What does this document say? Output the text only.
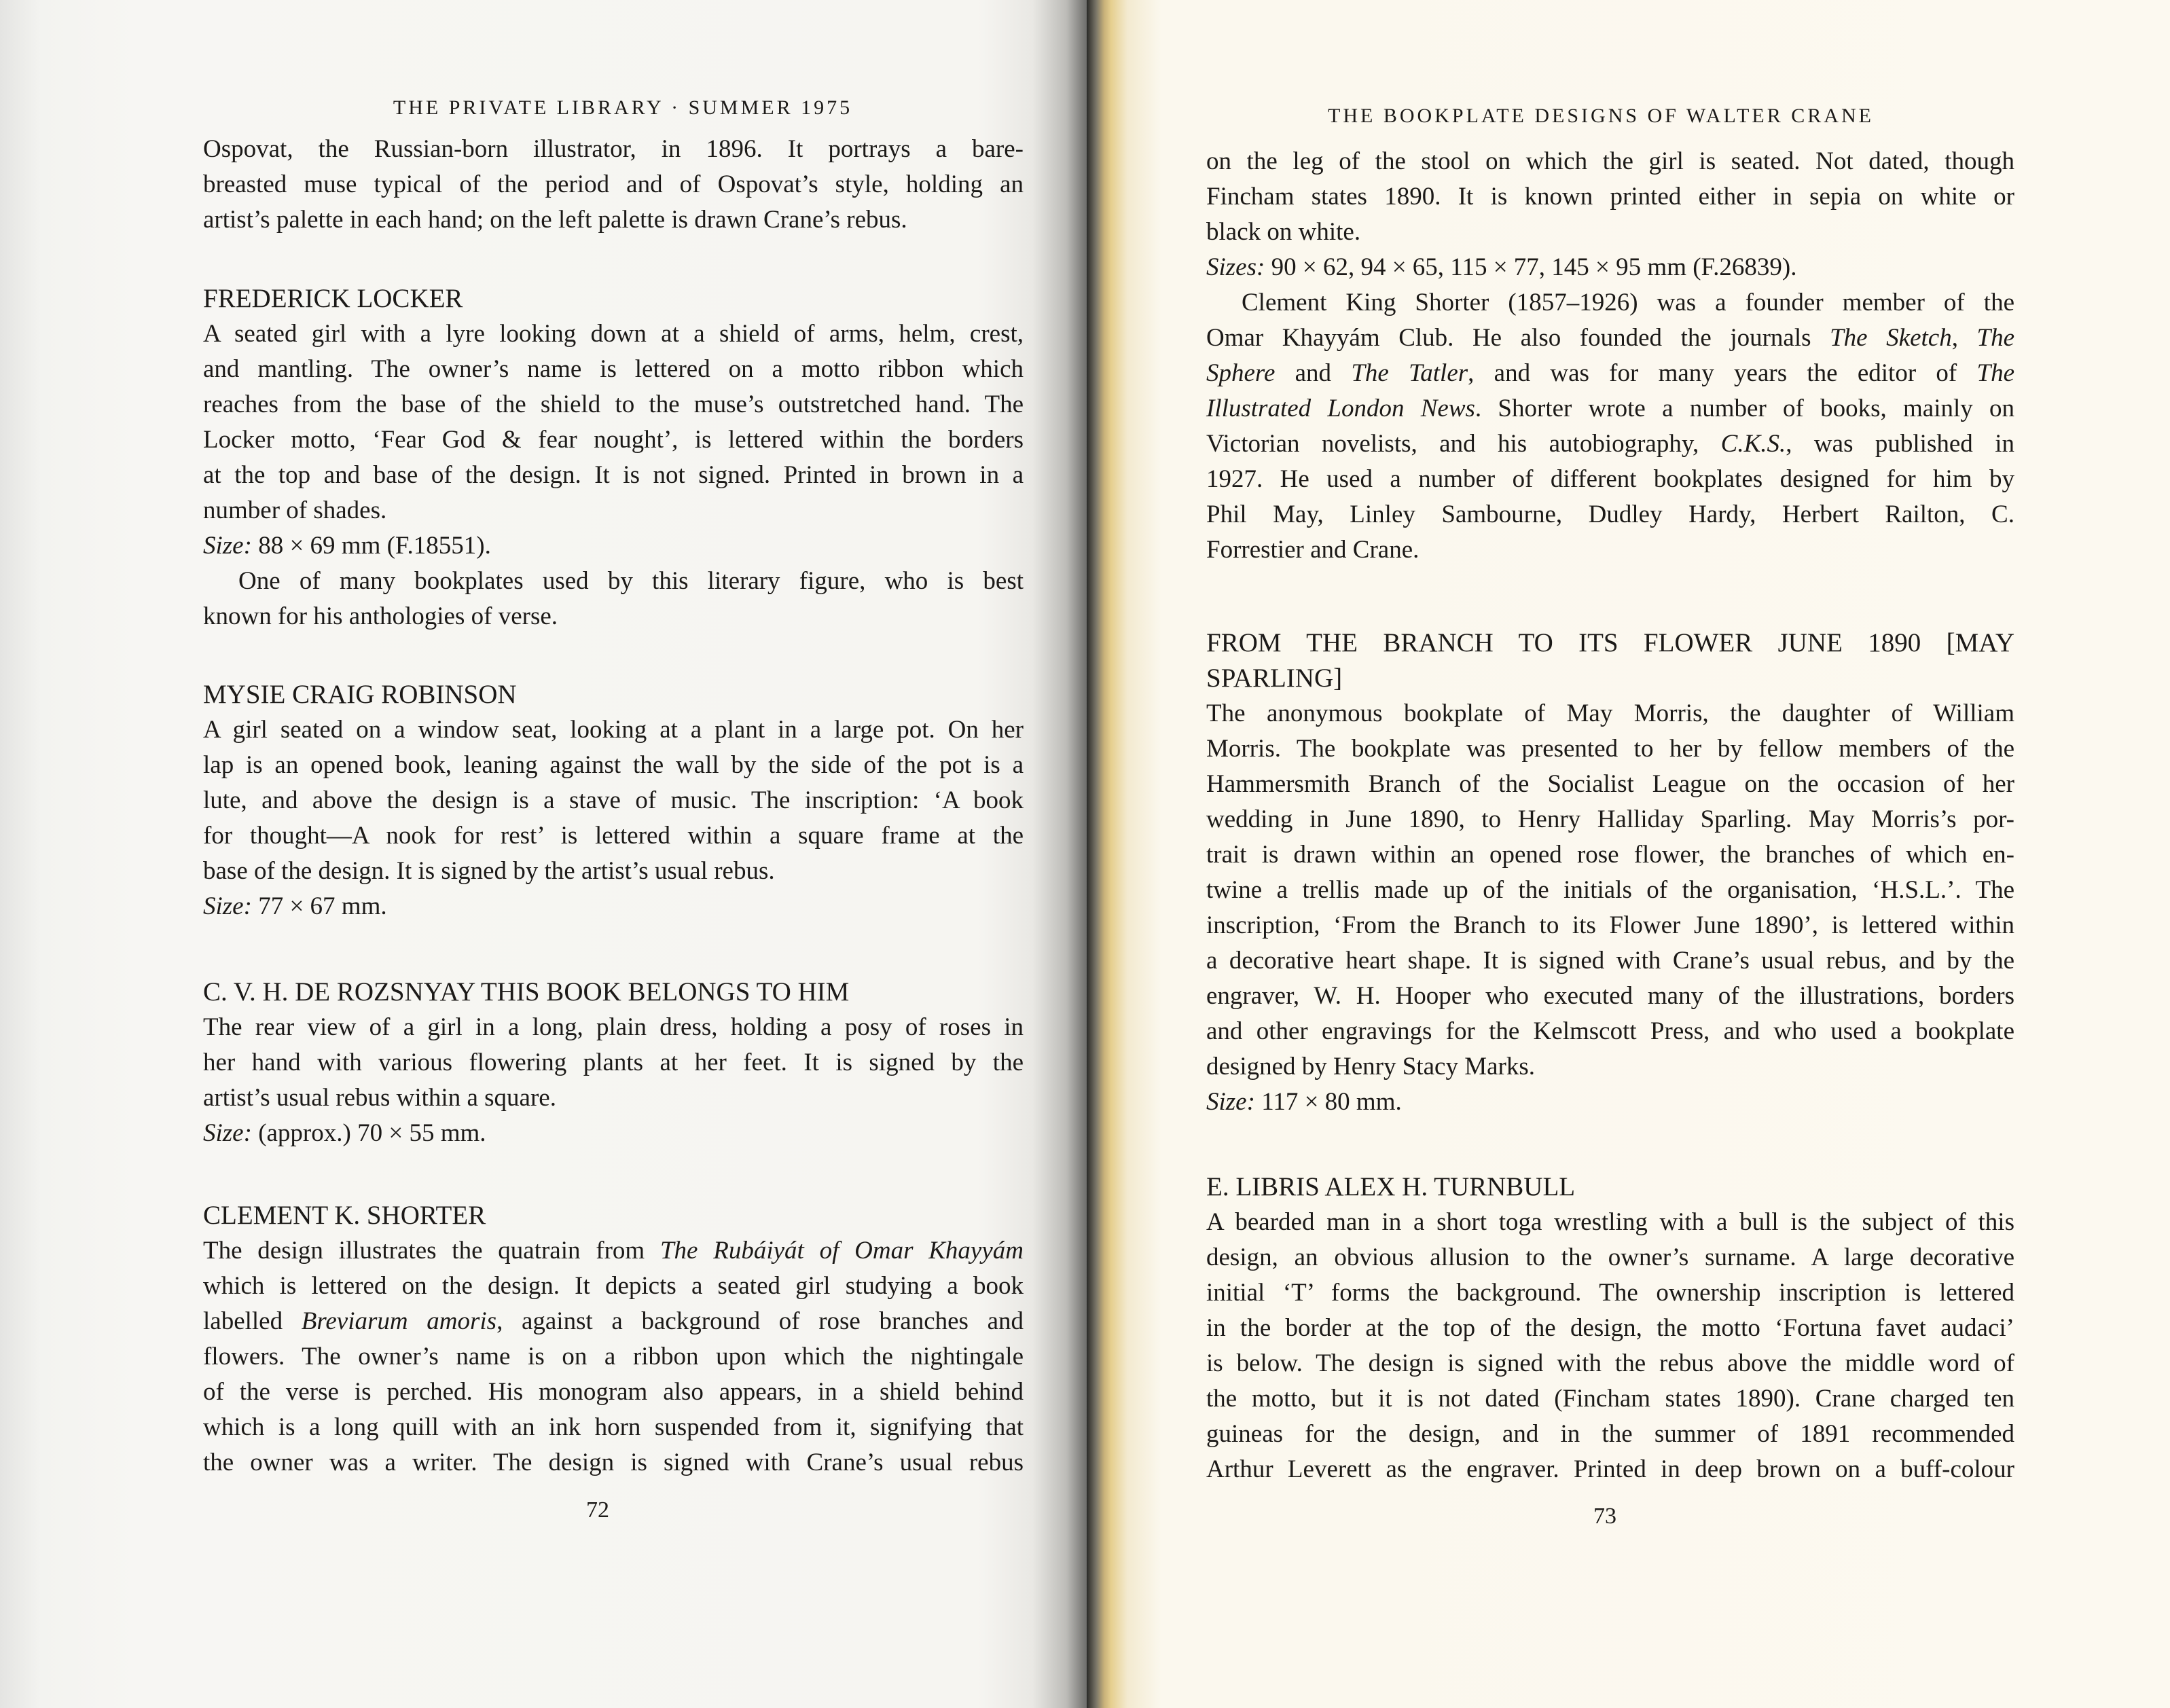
THE PRIVATE LIBRARY · SUMMER 1975
72
THE BOOKPLATE DESIGNS OF WALTER CRANE
73
Ospovat, the Russian-born illustrator, in 1896. It portrays a bare-
breasted muse typical of the period and of Ospovat’s style, holding an
artist’s palette in each hand; on the left palette is drawn Crane’s rebus.
FREDERICK LOCKER
A seated girl with a lyre looking down at a shield of arms, helm, crest,
and mantling. The owner’s name is lettered on a motto ribbon which
reaches from the base of the shield to the muse’s outstretched hand. The
Locker motto, ‘Fear God & fear nought’, is lettered within the borders
at the top and base of the design. It is not signed. Printed in brown in a
number of shades.
Size: 88 × 69 mm (F.18551).
One of many bookplates used by this literary figure, who is best
known for his anthologies of verse.
MYSIE CRAIG ROBINSON
A girl seated on a window seat, looking at a plant in a large pot. On her
lap is an opened book, leaning against the wall by the side of the pot is a
lute, and above the design is a stave of music. The inscription: ‘A book
for thought—A nook for rest’ is lettered within a square frame at the
base of the design. It is signed by the artist’s usual rebus.
Size: 77 × 67 mm.
C. V. H. DE ROZSNYAY THIS BOOK BELONGS TO HIM
The rear view of a girl in a long, plain dress, holding a posy of roses in
her hand with various flowering plants at her feet. It is signed by the
artist’s usual rebus within a square.
Size: (approx.) 70 × 55 mm.
CLEMENT K. SHORTER
The design illustrates the quatrain from The Rubáiyát of Omar Khayyám
which is lettered on the design. It depicts a seated girl studying a book
labelled Breviarum amoris, against a background of rose branches and
flowers. The owner’s name is on a ribbon upon which the nightingale
of the verse is perched. His monogram also appears, in a shield behind
which is a long quill with an ink horn suspended from it, signifying that
the owner was a writer. The design is signed with Crane’s usual rebus
on the leg of the stool on which the girl is seated. Not dated, though
Fincham states 1890. It is known printed either in sepia on white or
black on white.
Sizes: 90 × 62, 94 × 65, 115 × 77, 145 × 95 mm (F.26839).
Clement King Shorter (1857–1926) was a founder member of the
Omar Khayyám Club. He also founded the journals The Sketch, The
Sphere and The Tatler, and was for many years the editor of The
Illustrated London News. Shorter wrote a number of books, mainly on
Victorian novelists, and his autobiography, C.K.S., was published in
1927. He used a number of different bookplates designed for him by
Phil May, Linley Sambourne, Dudley Hardy, Herbert Railton, C.
Forrestier and Crane.
FROM THE BRANCH TO ITS FLOWER JUNE 1890 [MAY
SPARLING]
The anonymous bookplate of May Morris, the daughter of William
Morris. The bookplate was presented to her by fellow members of the
Hammersmith Branch of the Socialist League on the occasion of her
wedding in June 1890, to Henry Halliday Sparling. May Morris’s por-
trait is drawn within an opened rose flower, the branches of which en-
twine a trellis made up of the initials of the organisation, ‘H.S.L.’. The
inscription, ‘From the Branch to its Flower June 1890’, is lettered within
a decorative heart shape. It is signed with Crane’s usual rebus, and by the
engraver, W. H. Hooper who executed many of the illustrations, borders
and other engravings for the Kelmscott Press, and who used a bookplate
designed by Henry Stacy Marks.
Size: 117 × 80 mm.
E. LIBRIS ALEX H. TURNBULL
A bearded man in a short toga wrestling with a bull is the subject of this
design, an obvious allusion to the owner’s surname. A large decorative
initial ‘T’ forms the background. The ownership inscription is lettered
in the border at the top of the design, the motto ‘Fortuna favet audaci’
is below. The design is signed with the rebus above the middle word of
the motto, but it is not dated (Fincham states 1890). Crane charged ten
guineas for the design, and in the summer of 1891 recommended
Arthur Leverett as the engraver. Printed in deep brown on a buff-colour
